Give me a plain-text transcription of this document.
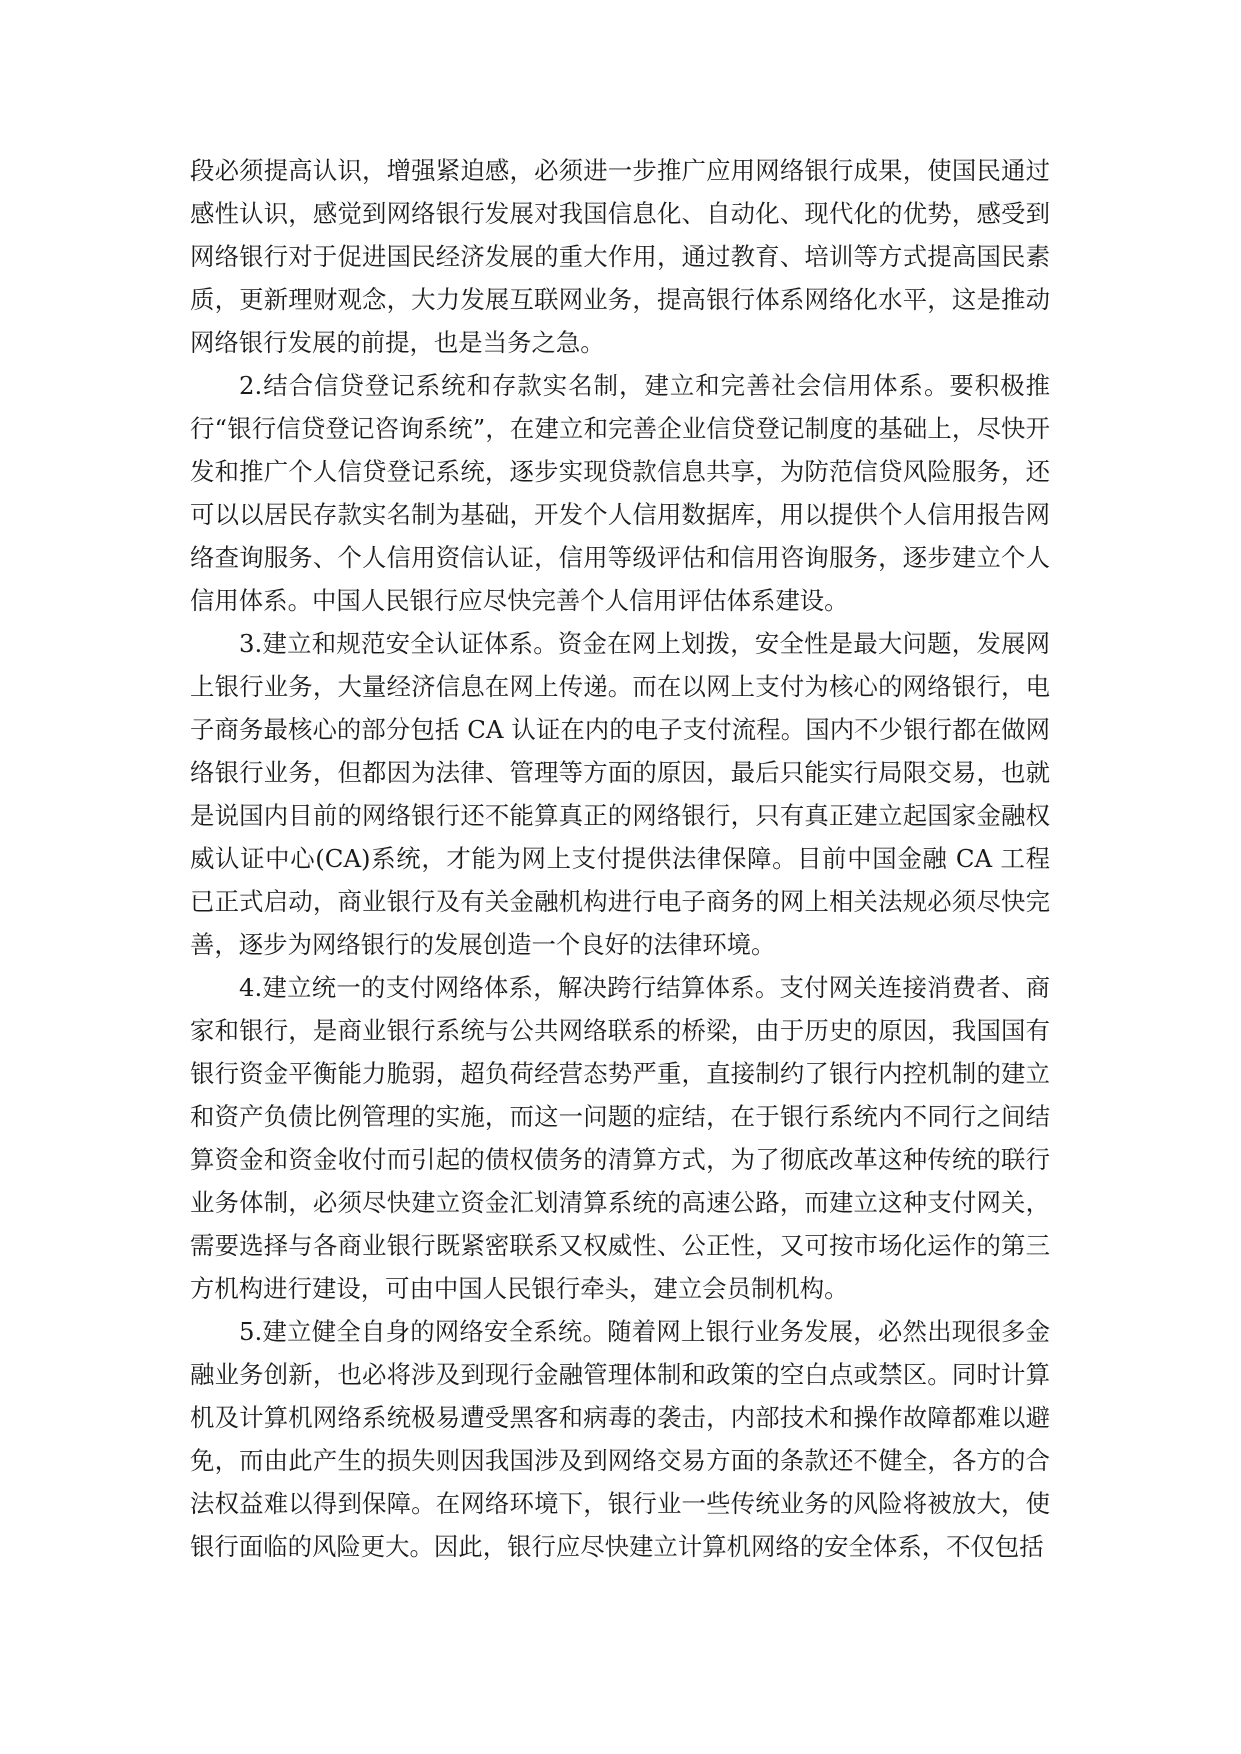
段必须提高认识，增强紧迫感，必须进一步推广应用网络银行成果，使国民通过感性认识，感觉到网络银行发展对我国信息化、自动化、现代化的优势，感受到网络银行对于促进国民经济发展的重大作用，通过教育、培训等方式提高国民素质，更新理财观念，大力发展互联网业务，提高银行体系网络化水平，这是推动网络银行发展的前提，也是当务之急。

2.结合信贷登记系统和存款实名制，建立和完善社会信用体系。要积极推行“银行信贷登记咨询系统”，在建立和完善企业信贷登记制度的基础上，尽快开发和推广个人信贷登记系统，逐步实现贷款信息共享，为防范信贷风险服务，还可以以居民存款实名制为基础，开发个人信用数据库，用以提供个人信用报告网络查询服务、个人信用资信认证，信用等级评估和信用咨询服务，逐步建立个人信用体系。中国人民银行应尽快完善个人信用评估体系建设。

3.建立和规范安全认证体系。资金在网上划拨，安全性是最大问题，发展网上银行业务，大量经济信息在网上传递。而在以网上支付为核心的网络银行，电子商务最核心的部分包括 CA 认证在内的电子支付流程。国内不少银行都在做网络银行业务，但都因为法律、管理等方面的原因，最后只能实行局限交易，也就是说国内目前的网络银行还不能算真正的网络银行，只有真正建立起国家金融权威认证中心(CA)系统，才能为网上支付提供法律保障。目前中国金融 CA 工程已正式启动，商业银行及有关金融机构进行电子商务的网上相关法规必须尽快完善，逐步为网络银行的发展创造一个良好的法律环境。

4.建立统一的支付网络体系，解决跨行结算体系。支付网关连接消费者、商家和银行，是商业银行系统与公共网络联系的桥梁，由于历史的原因，我国国有银行资金平衡能力脆弱，超负荷经营态势严重，直接制约了银行内控机制的建立和资产负债比例管理的实施，而这一问题的症结，在于银行系统内不同行之间结算资金和资金收付而引起的债权债务的清算方式，为了彻底改革这种传统的联行业务体制，必须尽快建立资金汇划清算系统的高速公路，而建立这种支付网关，需要选择与各商业银行既紧密联系又权威性、公正性，又可按市场化运作的第三方机构进行建设，可由中国人民银行牵头，建立会员制机构。

5.建立健全自身的网络安全系统。随着网上银行业务发展，必然出现很多金融业务创新，也必将涉及到现行金融管理体制和政策的空白点或禁区。同时计算机及计算机网络系统极易遭受黑客和病毒的袭击，内部技术和操作故障都难以避免，而由此产生的损失则因我国涉及到网络交易方面的条款还不健全，各方的合法权益难以得到保障。在网络环境下，银行业一些传统业务的风险将被放大，使银行面临的风险更大。因此，银行应尽快建立计算机网络的安全体系，不仅包括
